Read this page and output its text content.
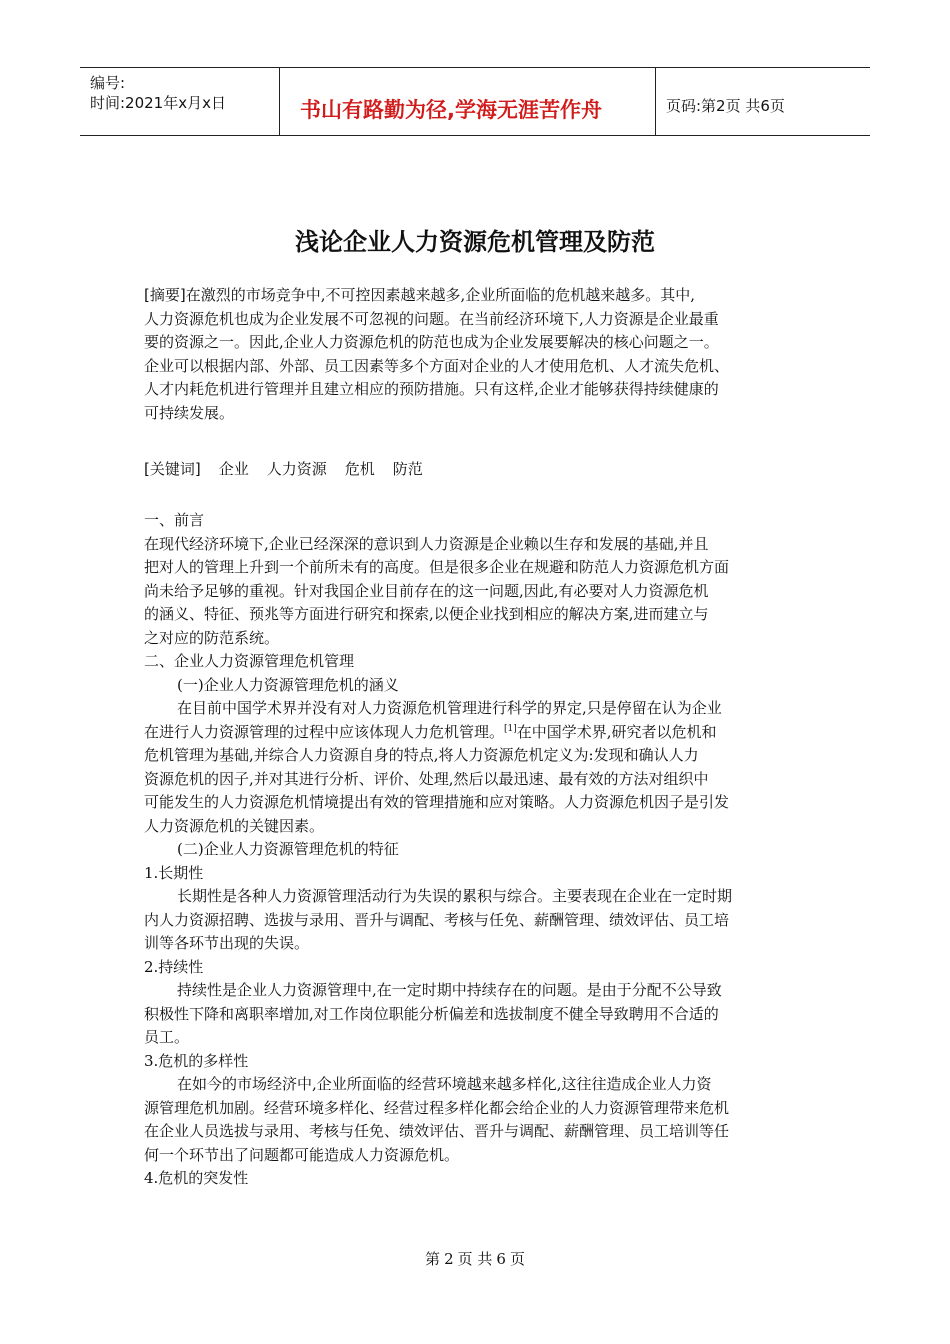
编号:
时间:2021年x月x日	书山有路勤为径,学海无涯苦作舟	页码:第2页 共6页
浅论企业人力资源危机管理及防范
[摘要]在激烈的市场竞争中,不可控因素越来越多,企业所面临的危机越来越多。其中,
人力资源危机也成为企业发展不可忽视的问题。在当前经济环境下,人力资源是企业最重
要的资源之一。因此,企业人力资源危机的防范也成为企业发展要解决的核心问题之一。
企业可以根据内部、外部、员工因素等多个方面对企业的人才使用危机、人才流失危机、
人才内耗危机进行管理并且建立相应的预防措施。只有这样,企业才能够获得持续健康的
可持续发展。
[关键词] 企业 人力资源 危机 防范
一、前言
在现代经济环境下,企业已经深深的意识到人力资源是企业赖以生存和发展的基础,并且
把对人的管理上升到一个前所未有的高度。但是很多企业在规避和防范人力资源危机方面
尚未给予足够的重视。针对我国企业目前存在的这一问题,因此,有必要对人力资源危机
的涵义、特征、预兆等方面进行研究和探索,以便企业找到相应的解决方案,进而建立与
之对应的防范系统。
二、企业人力资源管理危机管理
(一)企业人力资源管理危机的涵义
在目前中国学术界并没有对人力资源危机管理进行科学的界定,只是停留在认为企业
在进行人力资源管理的过程中应该体现人力危机管理。[1]在中国学术界,研究者以危机和
危机管理为基础,并综合人力资源自身的特点,将人力资源危机定义为:发现和确认人力
资源危机的因子,并对其进行分析、评价、处理,然后以最迅速、最有效的方法对组织中
可能发生的人力资源危机情境提出有效的管理措施和应对策略。人力资源危机因子是引发
人力资源危机的关键因素。
(二)企业人力资源管理危机的特征
1.长期性
长期性是各种人力资源管理活动行为失误的累积与综合。主要表现在企业在一定时期
内人力资源招聘、选拔与录用、晋升与调配、考核与任免、薪酬管理、绩效评估、员工培
训等各环节出现的失误。
2.持续性
持续性是企业人力资源管理中,在一定时期中持续存在的问题。是由于分配不公导致
积极性下降和离职率增加,对工作岗位职能分析偏差和选拔制度不健全导致聘用不合适的
员工。
3.危机的多样性
在如今的市场经济中,企业所面临的经营环境越来越多样化,这往往造成企业人力资
源管理危机加剧。经营环境多样化、经营过程多样化都会给企业的人力资源管理带来危机
在企业人员选拔与录用、考核与任免、绩效评估、晋升与调配、薪酬管理、员工培训等任
何一个环节出了问题都可能造成人力资源危机。
4.危机的突发性
第 2 页 共 6 页
